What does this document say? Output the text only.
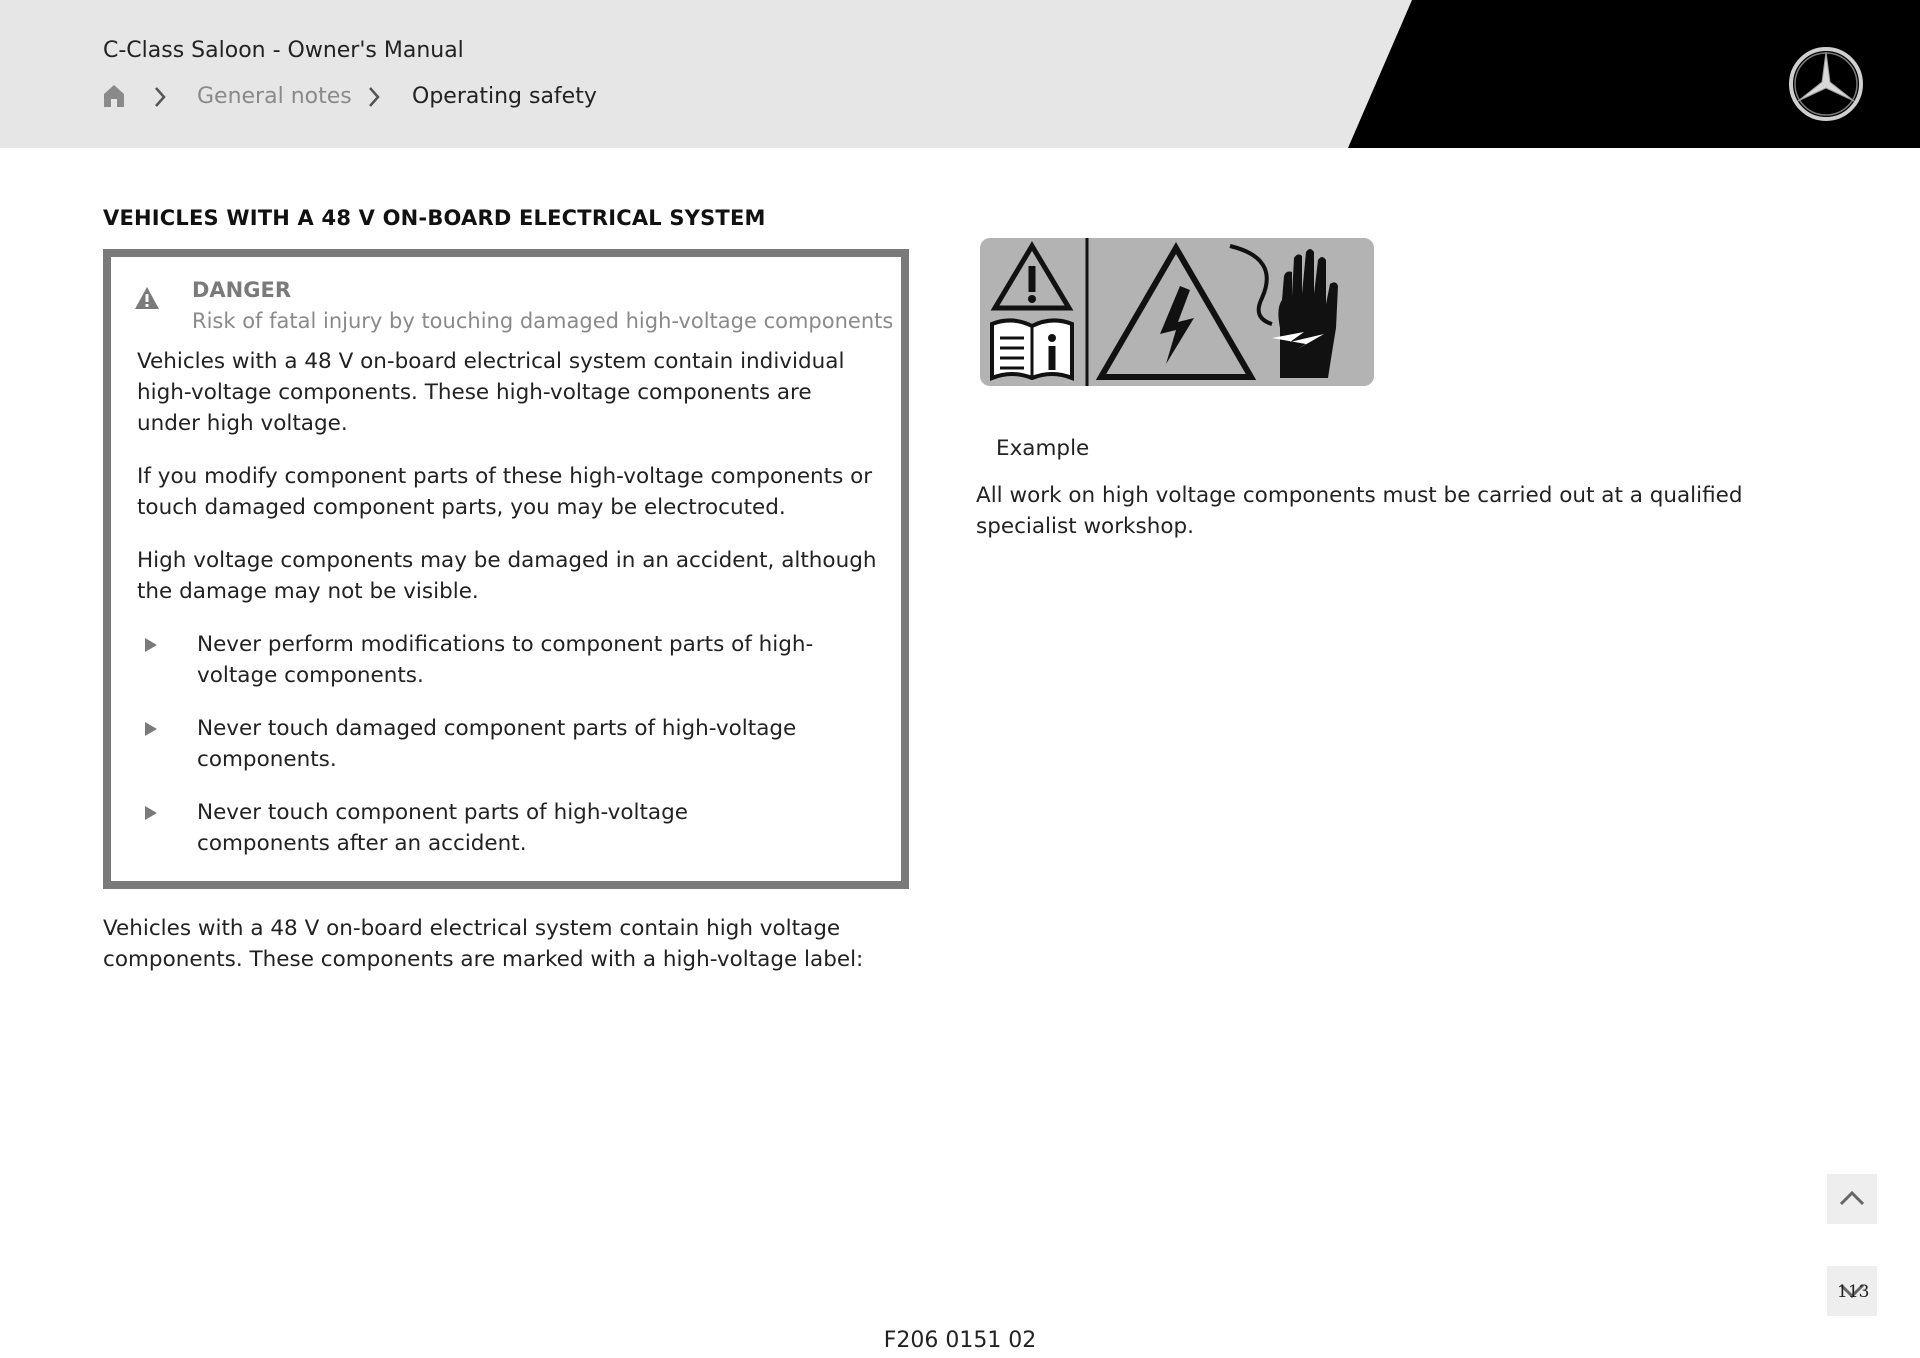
C-Class Saloon - Owner's Manual
General notes	Operating safety
VEHICLES WITH A 48 V ON-BOARD ELECTRICAL SYSTEM
DANGER
Risk of fatal injury by touching damaged high-voltage components
Vehicles with a 48 V on-board electrical system contain individual high-voltage components. These high-voltage components are under high voltage.
If you modify component parts of these high-voltage components or touch damaged component parts, you may be electrocuted.
High voltage components may be damaged in an accident, although the damage may not be visible.
Never perform modifications to component parts of high-voltage components.
Never touch damaged component parts of high-voltage components.
Never touch component parts of high-voltage components after an accident.
Vehicles with a 48 V on-board electrical system contain high voltage components. These components are marked with a high-voltage label:
Example
All work on high voltage components must be carried out at a qualified specialist workshop.
113
F206 0151 02
